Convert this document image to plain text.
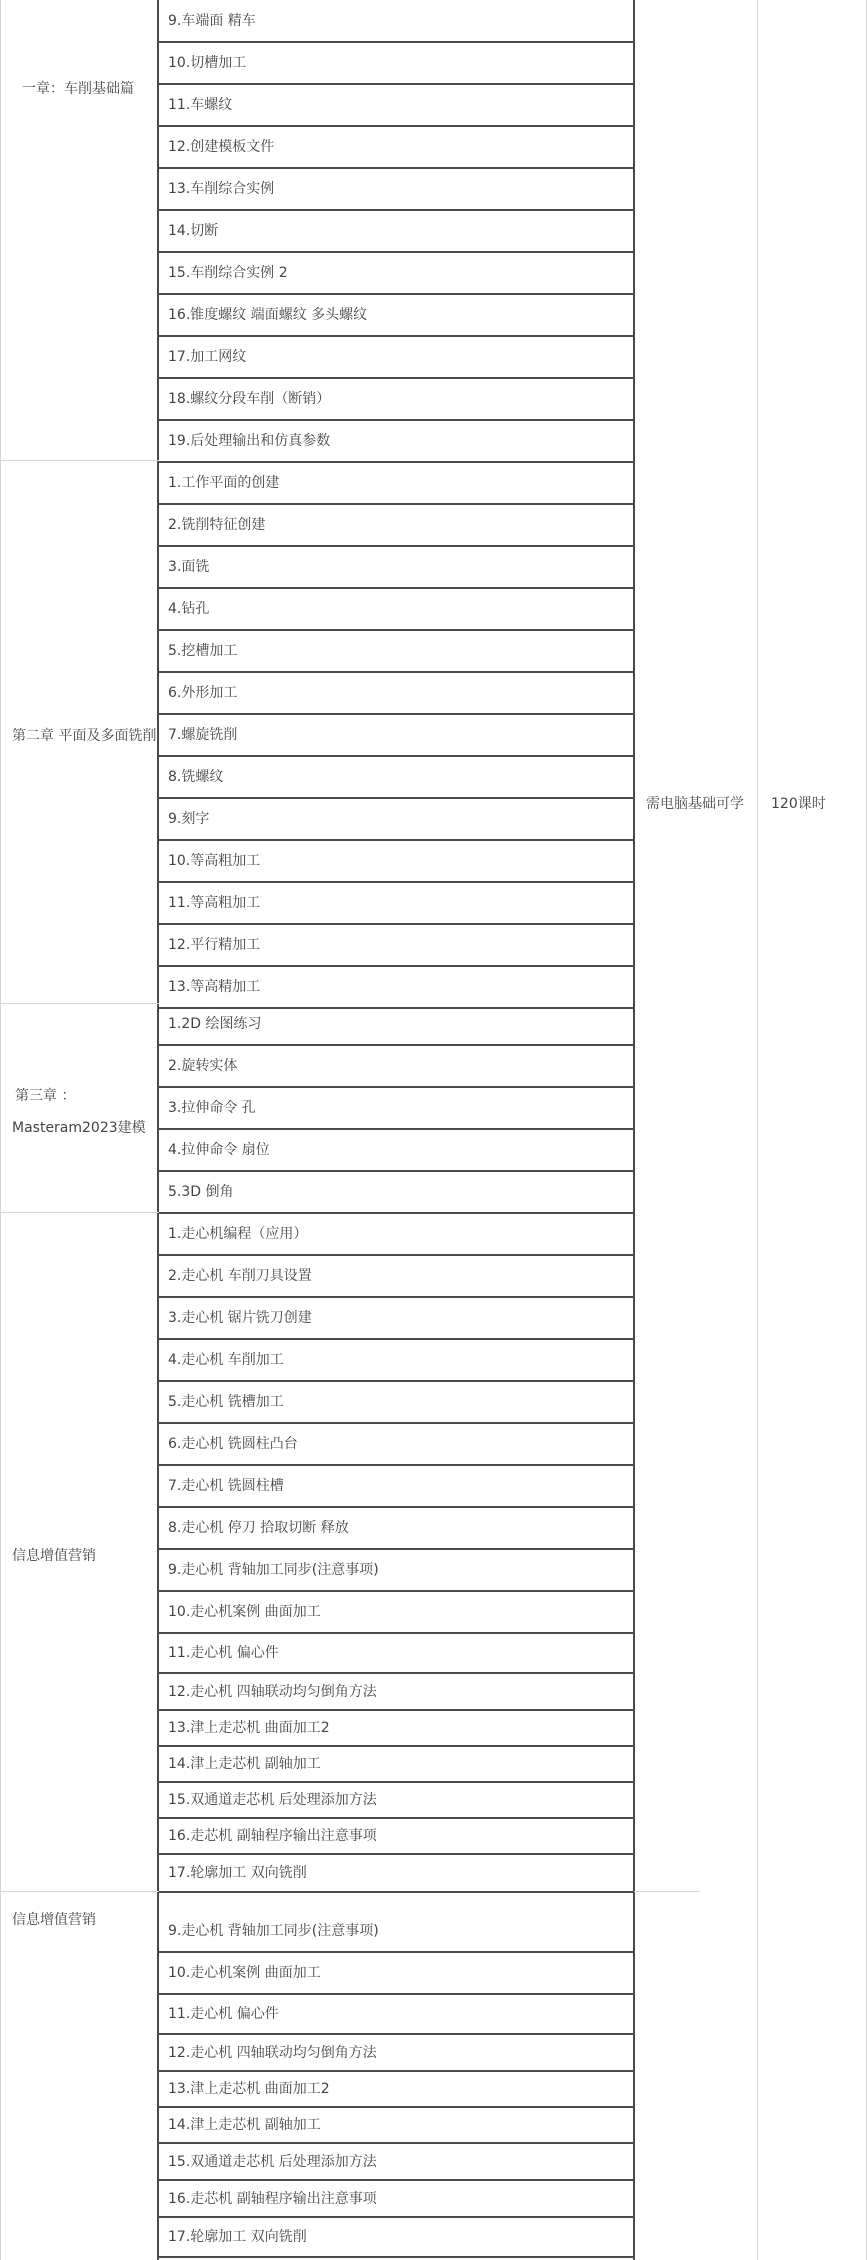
9.车端面 精车
10.切槽加工
11.车螺纹
12.创建模板文件
13.车削综合实例
14.切断
15.车削综合实例 2
16.锥度螺纹 端面螺纹 多头螺纹
17.加工网纹
18.螺纹分段车削（断销）
19.后处理输出和仿真参数
1.工作平面的创建
2.铣削特征创建
3.面铣
4.钻孔
5.挖槽加工
6.外形加工
7.螺旋铣削
8.铣螺纹
9.刻字
10.等高粗加工
11.等高粗加工
12.平行精加工
13.等高精加工
1.2D 绘图练习
2.旋转实体
3.拉伸命令 孔
4.拉伸命令 扇位
5.3D 倒角
1.走心机编程（应用）
2.走心机 车削刀具设置
3.走心机 锯片铣刀创建
4.走心机 车削加工
5.走心机 铣槽加工
6.走心机 铣圆柱凸台
7.走心机 铣圆柱槽
8.走心机 停刀 拾取切断 释放
9.走心机 背轴加工同步(注意事项)
10.走心机案例 曲面加工
11.走心机 偏心件
12.走心机 四轴联动均匀倒角方法
13.津上走芯机 曲面加工2
14.津上走芯机 副轴加工
15.双通道走芯机 后处理添加方法
16.走芯机 副轴程序输出注意事项
17.轮廓加工 双向铣削
一章：车削基础篇
第二章 平面及多面铣削
第三章 ：
Masteram2023建模
信息增值营销
需电脑基础可学 120课时
信息增值营销
9.走心机 背轴加工同步(注意事项)
10.走心机案例 曲面加工
11.走心机 偏心件
12.走心机 四轴联动均匀倒角方法
13.津上走芯机 曲面加工2
14.津上走芯机 副轴加工
15.双通道走芯机 后处理添加方法
16.走芯机 副轴程序输出注意事项
17.轮廓加工 双向铣削
